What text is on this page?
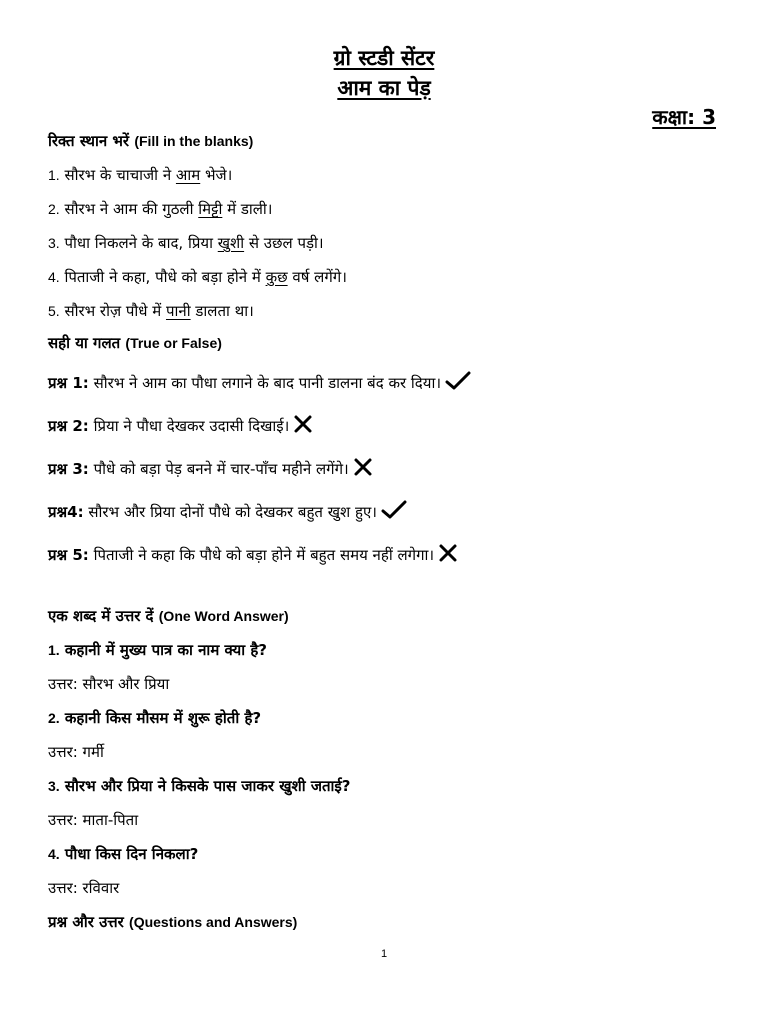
ग्रो स्टडी सेंटर
आम का पेड़
कक्षा: 3

रिक्त स्थान भरें (Fill in the blanks)

1. सौरभ के चाचाजी ने आम भेजे।

2. सौरभ ने आम की गुठली मिट्टी में डाली।

3. पौधा निकलने के बाद, प्रिया खुशी से उछल पड़ी।

4. पिताजी ने कहा, पौधे को बड़ा होने में कुछ वर्ष लगेंगे।

5. सौरभ रोज़ पौधे में पानी डालता था।

सही या गलत (True or False)

प्रश्न 1: सौरभ ने आम का पौधा लगाने के बाद पानी डालना बंद कर दिया।

प्रश्न 2: प्रिया ने पौधा देखकर उदासी दिखाई।

प्रश्न 3: पौधे को बड़ा पेड़ बनने में चार-पाँच महीने लगेंगे।

प्रश्न4: सौरभ और प्रिया दोनों पौधे को देखकर बहुत खुश हुए।

प्रश्न 5: पिताजी ने कहा कि पौधे को बड़ा होने में बहुत समय नहीं लगेगा।

एक शब्द में उत्तर दें (One Word Answer)

1. कहानी में मुख्य पात्र का नाम क्या है?

उत्तर: सौरभ और प्रिया

2. कहानी किस मौसम में शुरू होती है?

उत्तर: गर्मी

3. सौरभ और प्रिया ने किसके पास जाकर खुशी जताई?

उत्तर: माता-पिता

4. पौधा किस दिन निकला?

उत्तर: रविवार

प्रश्न और उत्तर (Questions and Answers)

1
